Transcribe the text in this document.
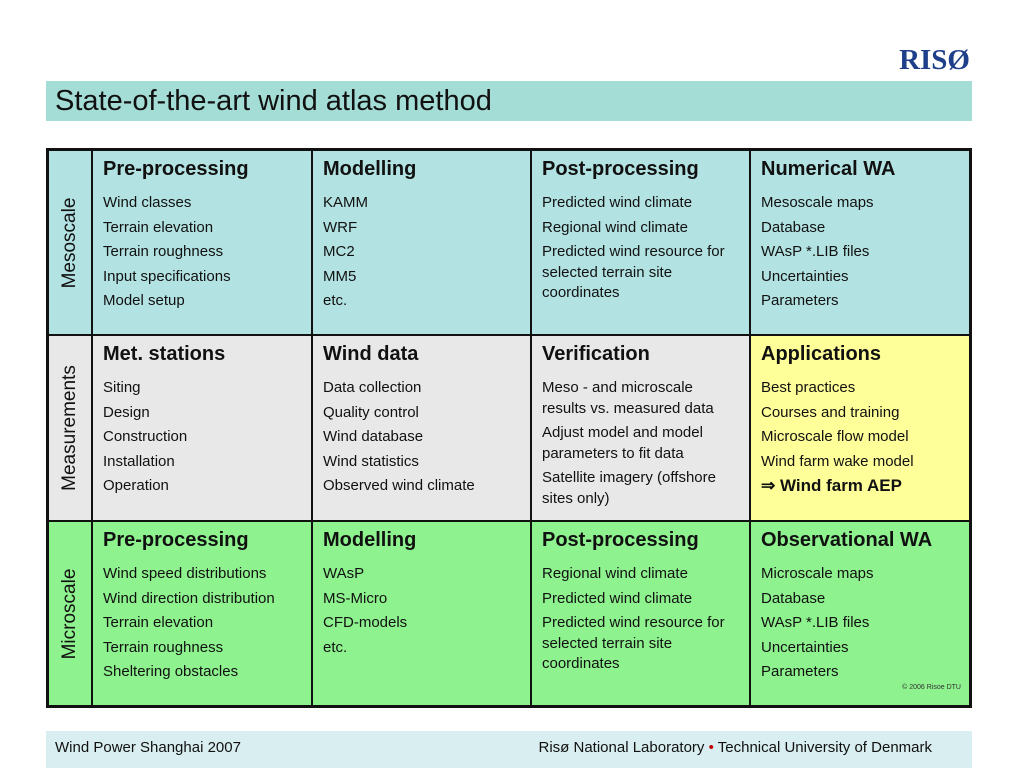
RISØ
State-of-the-art wind atlas method
Mesoscale
Pre-processing
Wind classes
Terrain elevation
Terrain roughness
Input specifications
Model setup
Modelling
KAMM
WRF
MC2
MM5
etc.
Post-processing
Predicted wind climate
Regional wind climate
Predicted wind resource for selected terrain site coordinates
Numerical WA
Mesoscale maps
Database
WAsP *.LIB files
Uncertainties
Parameters
Measurements
Met. stations
Siting
Design
Construction
Installation
Operation
Wind data
Data collection
Quality control
Wind database
Wind statistics
Observed wind climate
Verification
Meso - and microscale results vs. measured data
Adjust model and model parameters to fit data
Satellite imagery (offshore sites only)
Applications
Best practices
Courses and training
Microscale flow model
Wind farm wake model
⇒ Wind farm AEP
Microscale
Pre-processing
Wind speed distributions
Wind direction distribution
Terrain elevation
Terrain roughness
Sheltering obstacles
Modelling
WAsP
MS-Micro
CFD-models
etc.
Post-processing
Regional wind climate
Predicted wind climate
Predicted wind resource for selected terrain site coordinates
Observational WA
Microscale maps
Database
WAsP *.LIB files
Uncertainties
Parameters
© 2006 Risoe DTU
Wind Power Shanghai 2007	Risø National Laboratory • Technical University of Denmark
